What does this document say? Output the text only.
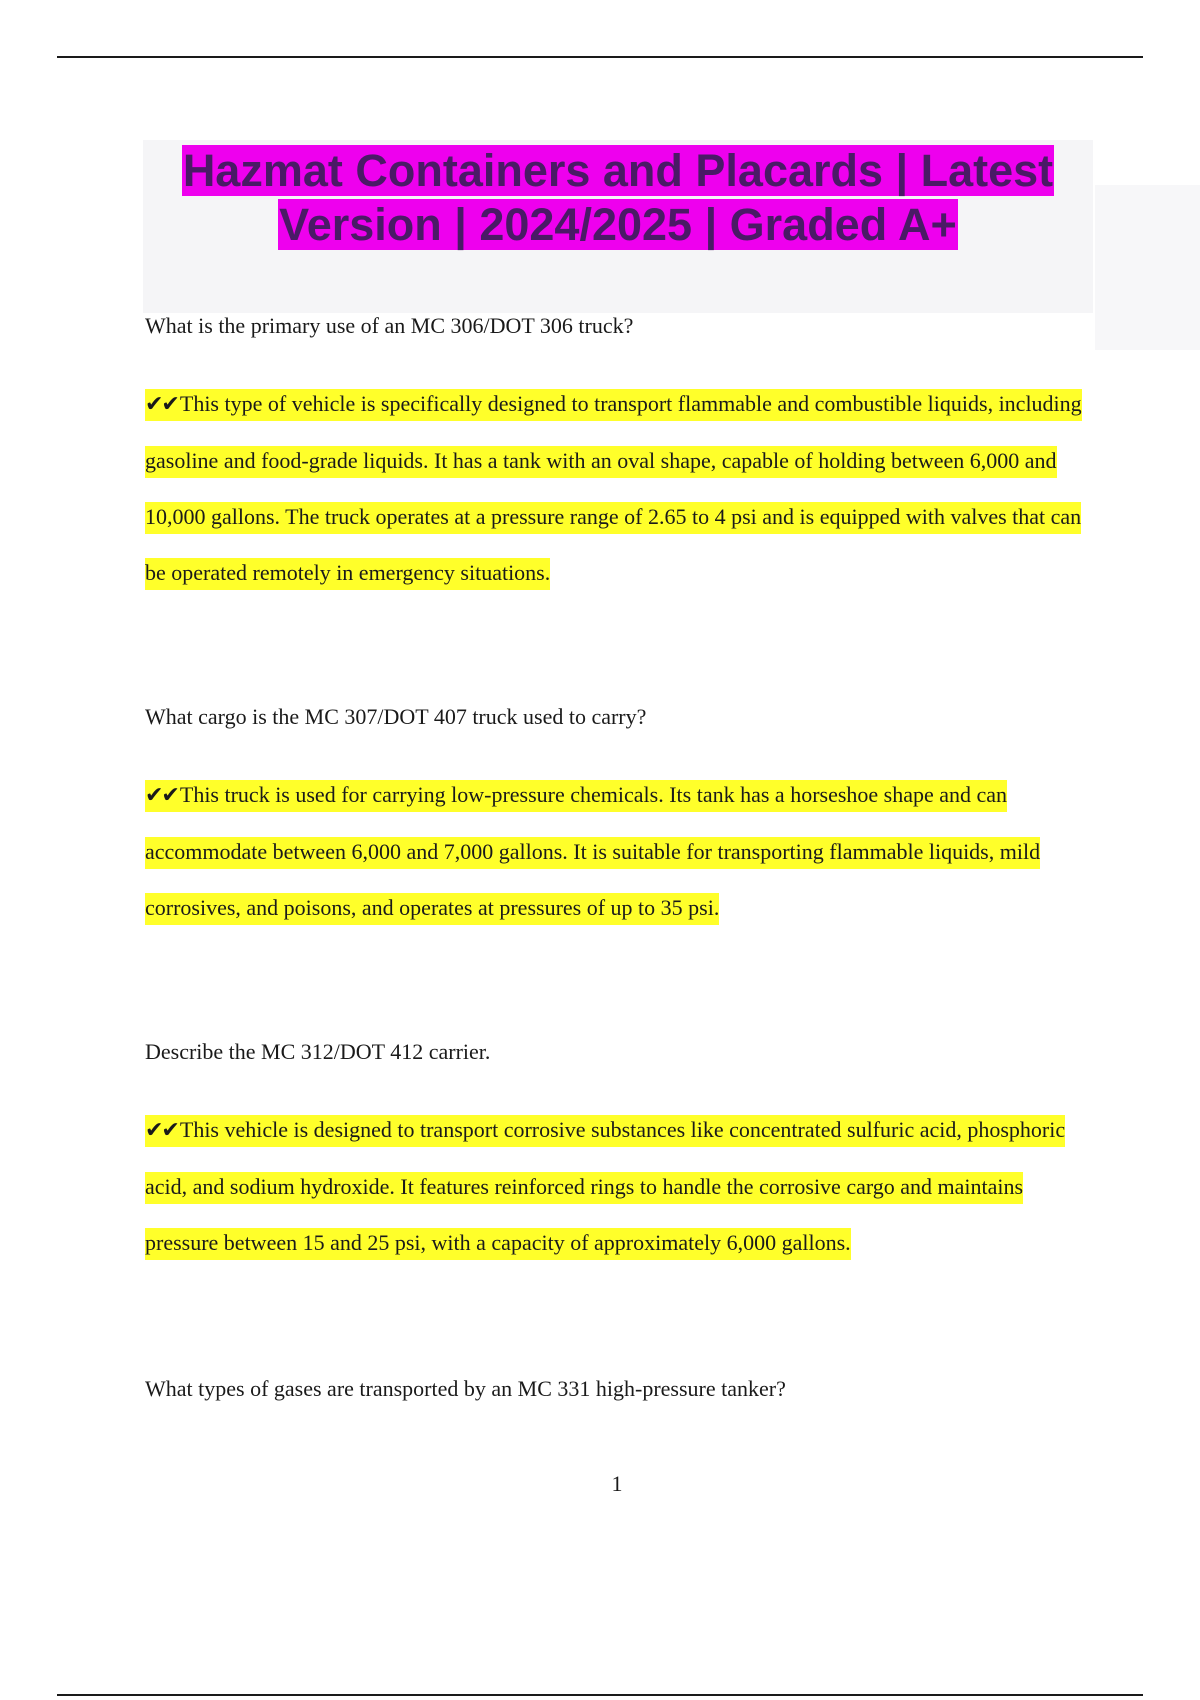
Hazmat Containers and Placards | Latest Version | 2024/2025 | Graded A+

What is the primary use of an MC 306/DOT 306 truck?

✔✔This type of vehicle is specifically designed to transport flammable and combustible liquids, including gasoline and food-grade liquids. It has a tank with an oval shape, capable of holding between 6,000 and 10,000 gallons. The truck operates at a pressure range of 2.65 to 4 psi and is equipped with valves that can be operated remotely in emergency situations.

What cargo is the MC 307/DOT 407 truck used to carry?

✔✔This truck is used for carrying low-pressure chemicals. Its tank has a horseshoe shape and can accommodate between 6,000 and 7,000 gallons. It is suitable for transporting flammable liquids, mild corrosives, and poisons, and operates at pressures of up to 35 psi.

Describe the MC 312/DOT 412 carrier.

✔✔This vehicle is designed to transport corrosive substances like concentrated sulfuric acid, phosphoric acid, and sodium hydroxide. It features reinforced rings to handle the corrosive cargo and maintains pressure between 15 and 25 psi, with a capacity of approximately 6,000 gallons.

What types of gases are transported by an MC 331 high-pressure tanker?

1
